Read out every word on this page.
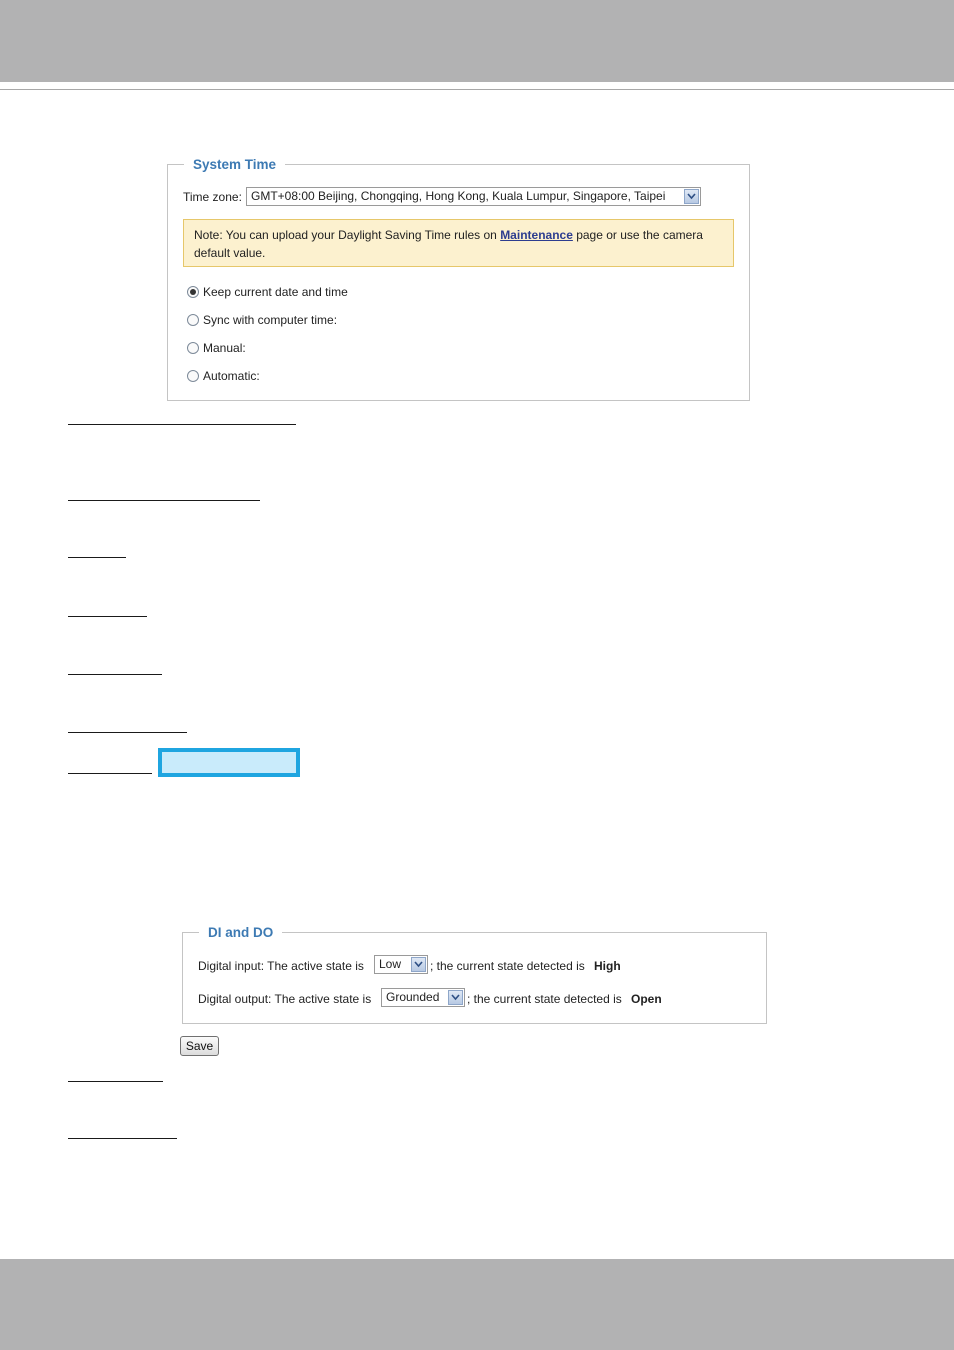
System Time
Time zone: GMT+08:00 Beijing, Chongqing, Hong Kong, Kuala Lumpur, Singapore, Taipei
Note: You can upload your Daylight Saving Time rules on Maintenance page or use the camera
default value.
Keep current date and time
Sync with computer time:
Manual:
Automatic:
DI and DO
Digital input: The active state is	Low	; the current state detected is High
Digital output: The active state is	Grounded	; the current state detected is Open
Save
